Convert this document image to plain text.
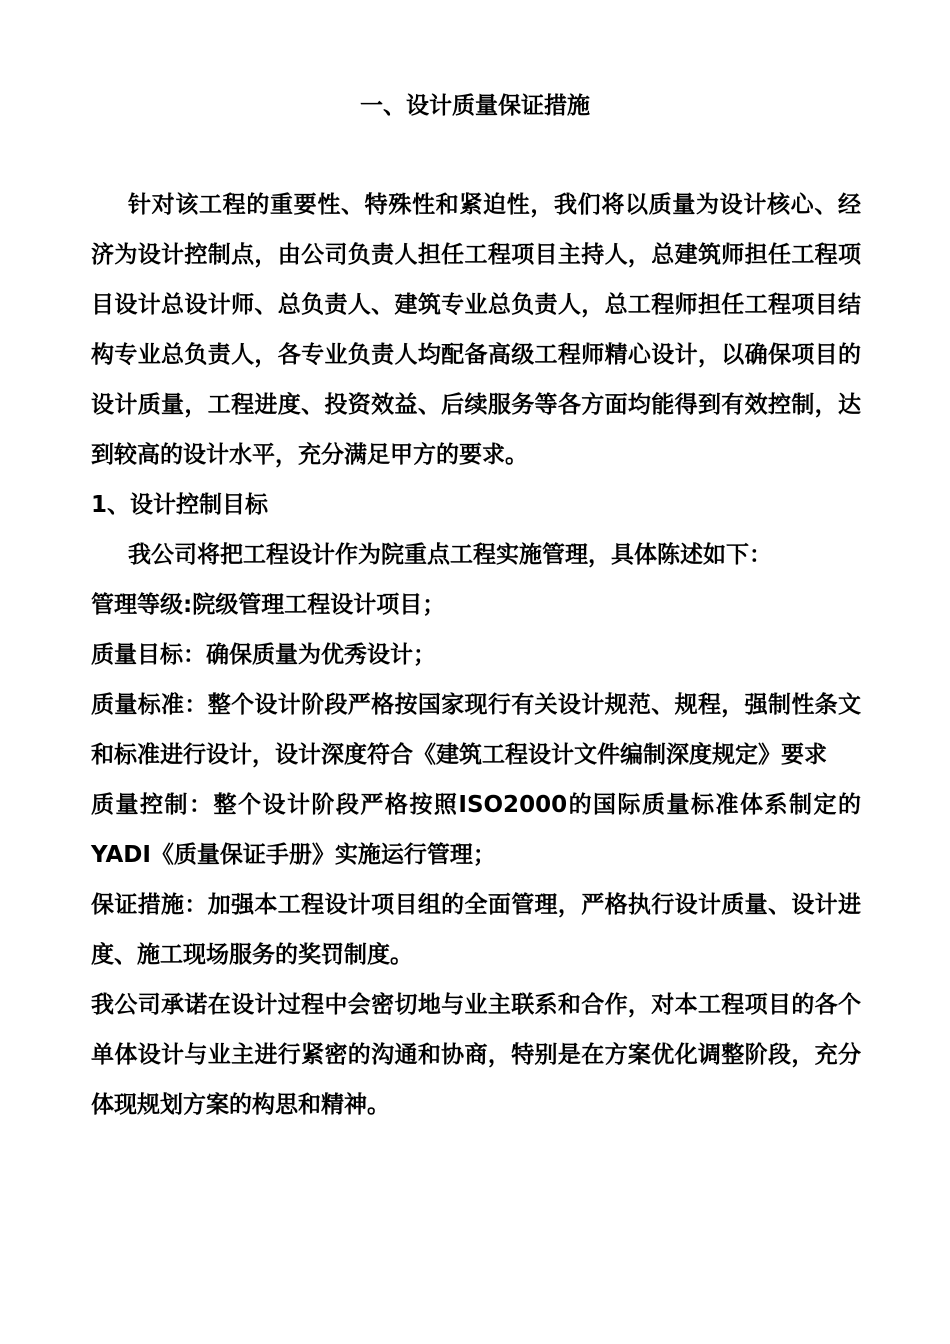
一、设计质量保证措施

针对该工程的重要性、特殊性和紧迫性，我们将以质量为设计核心、经济为设计控制点，由公司负责人担任工程项目主持人，总建筑师担任工程项目设计总设计师、总负责人、建筑专业总负责人，总工程师担任工程项目结构专业总负责人，各专业负责人均配备高级工程师精心设计，以确保项目的设计质量，工程进度、投资效益、后续服务等各方面均能得到有效控制，达到较高的设计水平，充分满足甲方的要求。

1、设计控制目标

我公司将把工程设计作为院重点工程实施管理，具体陈述如下：

管理等级:院级管理工程设计项目；

质量目标：确保质量为优秀设计；

质量标准：整个设计阶段严格按国家现行有关设计规范、规程，强制性条文和标准进行设计，设计深度符合《建筑工程设计文件编制深度规定》要求

质量控制：整个设计阶段严格按照ISO2000的国际质量标准体系制定的YADI《质量保证手册》实施运行管理；

保证措施：加强本工程设计项目组的全面管理，严格执行设计质量、设计进度、施工现场服务的奖罚制度。

我公司承诺在设计过程中会密切地与业主联系和合作，对本工程项目的各个单体设计与业主进行紧密的沟通和协商，特别是在方案优化调整阶段，充分体现规划方案的构思和精神。
